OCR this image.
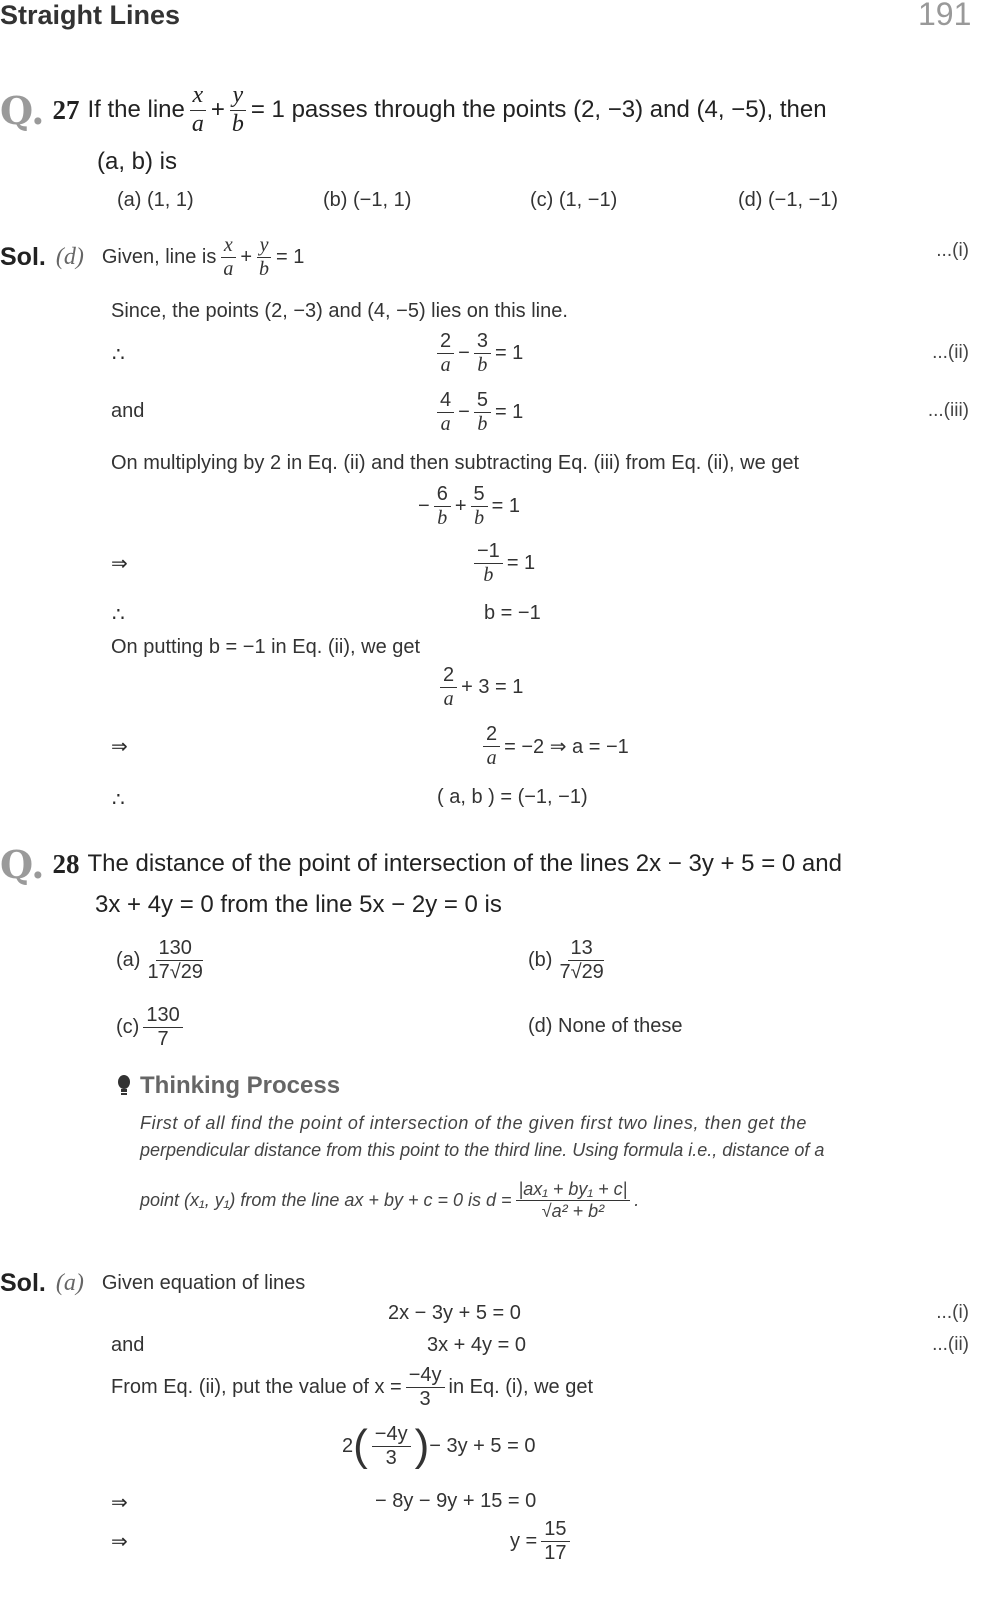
Straight Lines	191
Q. 27 If the line $\frac{x}{a} + \frac{y}{b} = 1$ passes through the points (2, −3) and (4, −5), then
(a, b) is
(a) (1, 1)	(b) (−1, 1)	(c) (1, −1)	(d) (−1, −1)
Sol. (d) Given, line is $\frac{x}{a} + \frac{y}{b} = 1$	...(i)
Since, the points (2, −3) and (4, −5) lies on this line.
∴	$\frac{2}{a} - \frac{3}{b} = 1$	...(ii)
and	$\frac{4}{a} - \frac{5}{b} = 1$	...(iii)
On multiplying by 2 in Eq. (ii) and then subtracting Eq. (iii) from Eq. (ii), we get
− $\frac{6}{b} + \frac{5}{b} = 1$
⇒	$\frac{-1}{b} = 1$
∴	b = −1
On putting b = −1 in Eq. (ii), we get
$\frac{2}{a} + 3 = 1$
⇒	$\frac{2}{a} = -2$ ⇒ a = −1
∴	( a, b ) = (−1, −1)
Q. 28 The distance of the point of intersection of the lines 2x − 3y + 5 = 0 and
3x + 4y = 0 from the line 5x − 2y = 0 is
$(a) \frac{130}{17√29}$	$(b) \frac{13}{7√29}$
$(c) \frac{130}{7}$	(d)
None of these
Thinking Process
First of all find the point of intersection of the given first two lines, then get the
perpendicular distance from this point to the third line. Using formula i.e., distance of a
point (x₁, y₁) from the line ax + by + c = 0 is $d = \frac{\text{|ax₁ + by₁ + c|}}{\text{√a² + b²}}$ .
Sol. (a) Given equation of lines
2x − 3y + 5 = 0	...(i)
and	3x + 4y = 0	...(ii)
From Eq. (ii), put the value of $x = \frac{-4y}{3}$ in Eq. (i), we get
2 ( $\frac{-4y}{3}$ ) − 3y + 5 = 0
⇒	− 8y − 9y + 15 = 0
⇒	$y = \frac{15}{17}$
